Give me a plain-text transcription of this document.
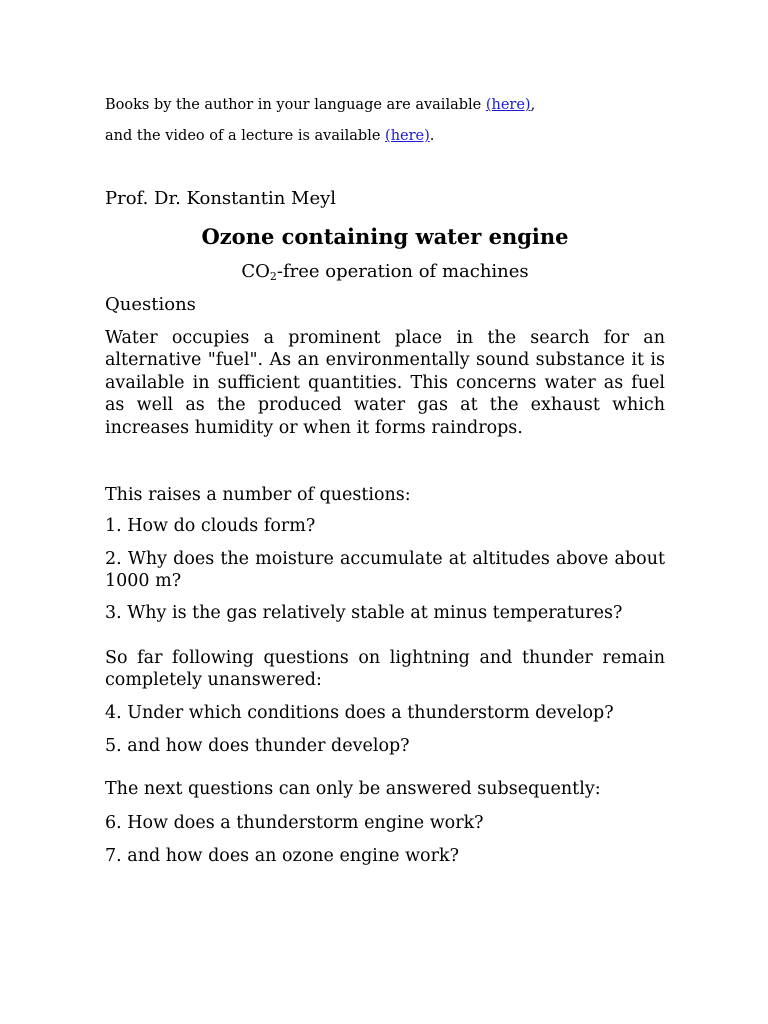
Books by the author in your language are available (here),
and the video of a lecture is available (here).
Prof. Dr. Konstantin Meyl
Ozone containing water engine
$CO_2$-free operation of machines
Questions
Water occupies a prominent place in the search for an alternative "fuel". As an environmentally sound substance it is available in sufficient quantities. This concerns water as fuel as well as the produced water gas at the exhaust which increases humidity or when it forms raindrops.
This raises a number of questions:
1. How do clouds form?
2. Why does the moisture accumulate at altitudes above about 1000 m?
3. Why is the gas relatively stable at minus temperatures?
So far following questions on lightning and thunder remain completely unanswered:
4. Under which conditions does a thunderstorm develop?
5. and how does thunder develop?
The next questions can only be answered subsequently:
6. How does a thunderstorm engine work?
7. and how does an ozone engine work?
